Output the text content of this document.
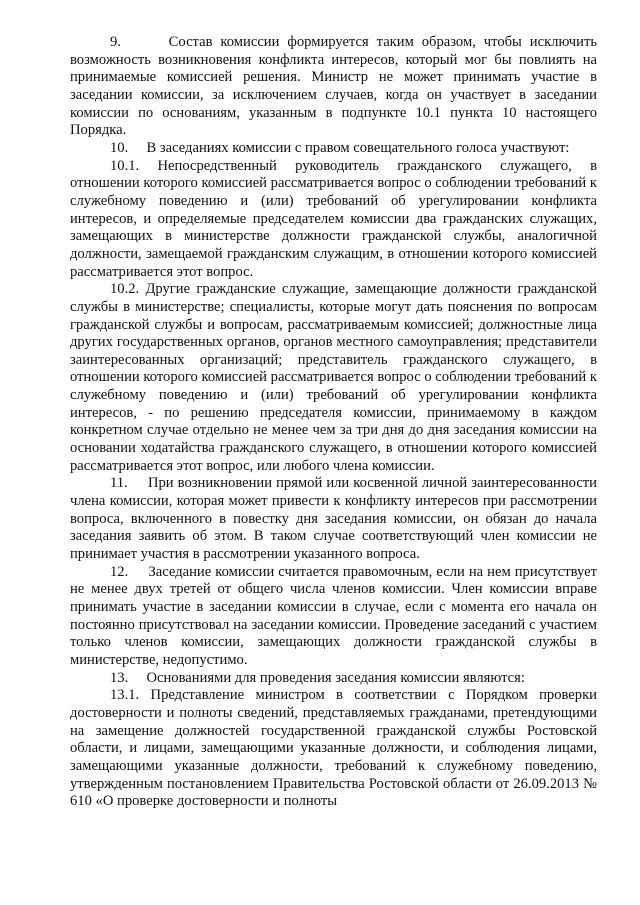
9.      Состав комиссии формируется таким образом, чтобы исключить возможность возникновения конфликта интересов, который мог бы повлиять на принимаемые комиссией решения. Министр не может принимать участие в заседании комиссии, за исключением случаев, когда он участвует в заседании комиссии по основаниям, указанным в подпункте 10.1 пункта 10 настоящего Порядка.

10.     В заседаниях комиссии с правом совещательного голоса участвуют:

10.1. Непосредственный руководитель гражданского служащего, в отношении которого комиссией рассматривается вопрос о соблюдении требований к служебному поведению и (или) требований об урегулировании конфликта интересов, и определяемые председателем комиссии два гражданских служащих, замещающих в министерстве должности гражданской службы, аналогичной должности, замещаемой гражданским служащим, в отношении которого комиссией рассматривается этот вопрос.

10.2. Другие гражданские служащие, замещающие должности гражданской службы в министерстве; специалисты, которые могут дать пояснения по вопросам гражданской службы и вопросам, рассматриваемым комиссией; должностные лица других государственных органов, органов местного самоуправления; представители заинтересованных организаций; представитель гражданского служащего, в отношении которого комиссией рассматривается вопрос о соблюдении требований к служебному поведению и (или) требований об урегулировании конфликта интересов, - по решению председателя комиссии, принимаемому в каждом конкретном случае отдельно не менее чем за три дня до дня заседания комиссии на основании ходатайства гражданского служащего, в отношении которого комиссией рассматривается этот вопрос, или любого члена комиссии.

11.     При возникновении прямой или косвенной личной заинтересованности члена комиссии, которая может привести к конфликту интересов при рассмотрении вопроса, включенного в повестку дня заседания комиссии, он обязан до начала заседания заявить об этом. В таком случае соответствующий член комиссии не принимает участия в рассмотрении указанного вопроса.

12.     Заседание комиссии считается правомочным, если на нем присутствует не менее двух третей от общего числа членов комиссии. Член комиссии вправе принимать участие в заседании комиссии в случае, если с момента его начала он постоянно присутствовал на заседании комиссии. Проведение заседаний с участием только членов комиссии, замещающих должности гражданской службы в министерстве, недопустимо.

13.     Основаниями для проведения заседания комиссии являются:

13.1. Представление министром в соответствии с Порядком проверки достоверности и полноты сведений, представляемых гражданами, претендующими на замещение должностей государственной гражданской службы Ростовской области, и лицами, замещающими указанные должности, и соблюдения лицами, замещающими указанные должности, требований к служебному поведению, утвержденным постановлением Правительства Ростовской области от 26.09.2013 № 610 «О проверке достоверности и полноты
